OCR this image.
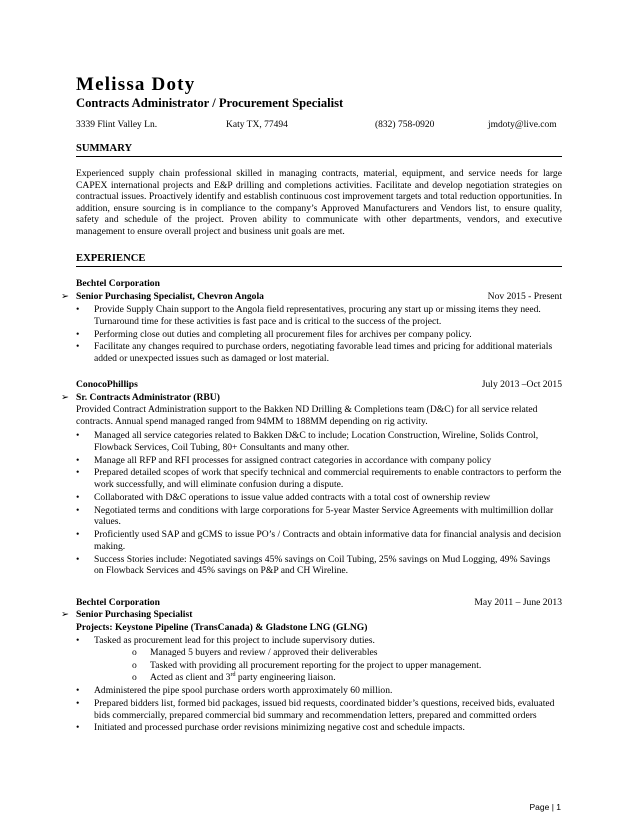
Melissa Doty
Contracts Administrator / Procurement Specialist
3339 Flint Valley Ln.	Katy TX, 77494	(832) 758-0920	jmdoty@live.com
SUMMARY

Experienced supply chain professional skilled in managing contracts, material, equipment, and service needs for large CAPEX international projects and E&P drilling and completions activities. Facilitate and develop negotiation strategies on contractual issues. Proactively identify and establish continuous cost improvement targets and total reduction opportunities. In addition, ensure sourcing is in compliance to the company’s Approved Manufacturers and Vendors list, to ensure quality, safety and schedule of the project. Proven ability to communicate with other departments, vendors, and executive management to ensure overall project and business unit goals are met.

EXPERIENCE
Bechtel Corporation
➢ Senior Purchasing Specialist, Chevron Angola	Nov 2015 - Present
• Provide Supply Chain support to the Angola field representatives, procuring any start up or missing items they need. Turnaround time for these activities is fast pace and is critical to the success of the project.
• Performing close out duties and completing all procurement files for archives per company policy.
• Facilitate any changes required to purchase orders, negotiating favorable lead times and pricing for additional materials added or unexpected issues such as damaged or lost material.
ConocoPhillips	July 2013 –Oct 2015
➢ Sr. Contracts Administrator (RBU)

Provided Contract Administration support to the Bakken ND Drilling & Completions team (D&C) for all service related contracts. Annual spend managed ranged from 94MM to 188MM depending on rig activity.

• Managed all service categories related to Bakken D&C to include; Location Construction, Wireline, Solids Control, Flowback Services, Coil Tubing, 80+ Consultants and many other.
• Manage all RFP and RFI processes for assigned contract categories in accordance with company policy
• Prepared detailed scopes of work that specify technical and commercial requirements to enable contractors to perform the work successfully, and will eliminate confusion during a dispute.
• Collaborated with D&C operations to issue value added contracts with a total cost of ownership review
• Negotiated terms and conditions with large corporations for 5-year Master Service Agreements with multimillion dollar values.
• Proficiently used SAP and gCMS to issue PO’s / Contracts and obtain informative data for financial analysis and decision making.
• Success Stories include: Negotiated savings 45% savings on Coil Tubing, 25% savings on Mud Logging, 49% Savings on Flowback Services and 45% savings on P&P and CH Wireline.
Bechtel Corporation	May 2011 – June 2013
➢ Senior Purchasing Specialist
Projects: Keystone Pipeline (TransCanada) & Gladstone LNG (GLNG)
• Tasked as procurement lead for this project to include supervisory duties.
o Managed 5 buyers and review / approved their deliverables
o Tasked with providing all procurement reporting for the project to upper management.
o Acted as client and 3rd party engineering liaison.
• Administered the pipe spool purchase orders worth approximately 60 million.
• Prepared bidders list, formed bid packages, issued bid requests, coordinated bidder’s questions, received bids, evaluated bids commercially, prepared commercial bid summary and recommendation letters, prepared and committed orders
• Initiated and processed purchase order revisions minimizing negative cost and schedule impacts.
Page | 1
